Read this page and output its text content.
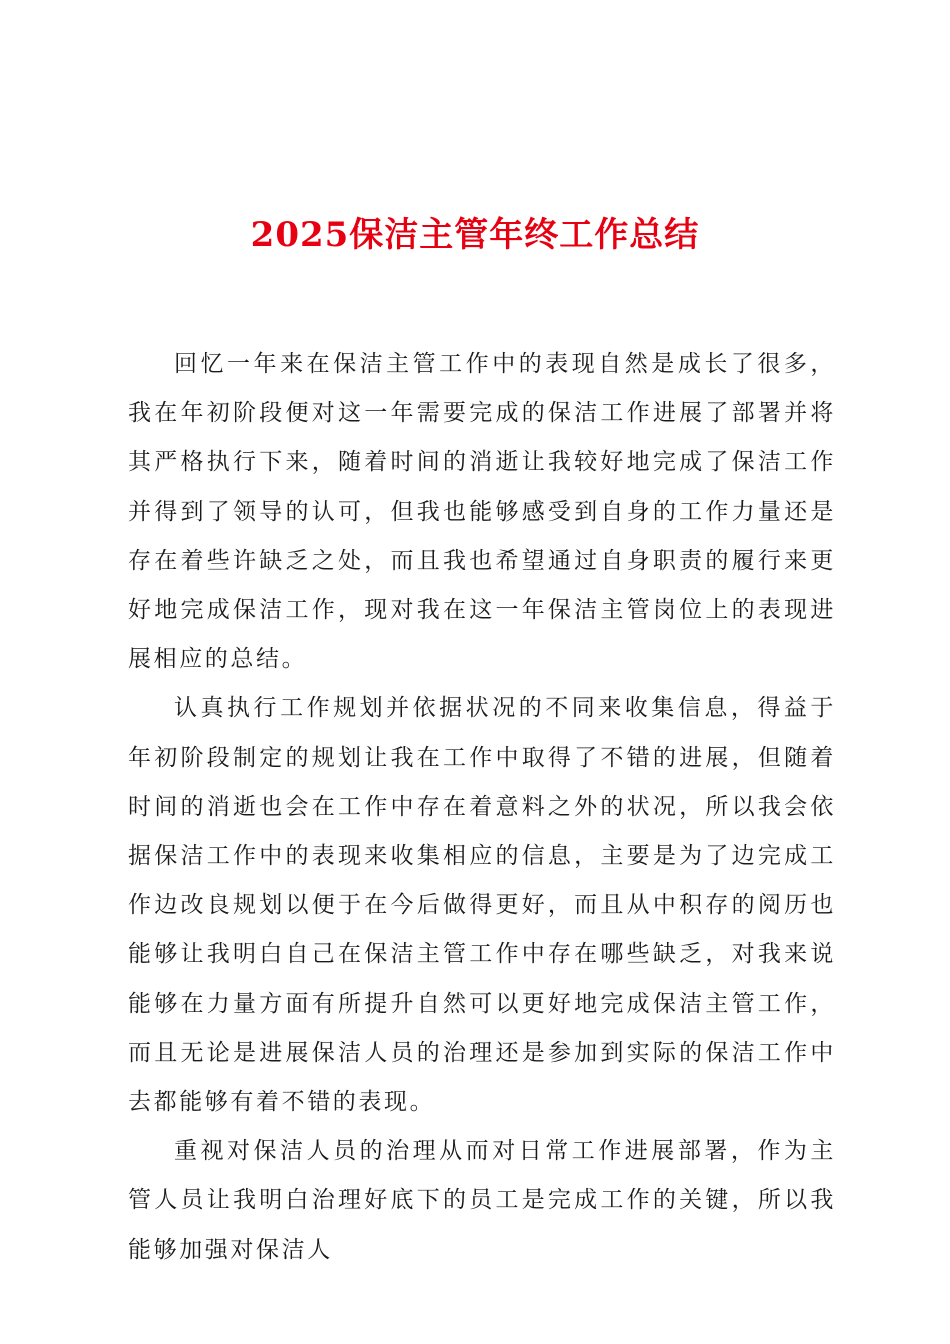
2025保洁主管年终工作总结

回忆一年来在保洁主管工作中的表现自然是成长了很多，我在年初阶段便对这一年需要完成的保洁工作进展了部署并将其严格执行下来，随着时间的消逝让我较好地完成了保洁工作并得到了领导的认可，但我也能够感受到自身的工作力量还是存在着些许缺乏之处，而且我也希望通过自身职责的履行来更好地完成保洁工作，现对我在这一年保洁主管岗位上的表现进展相应的总结。

认真执行工作规划并依据状况的不同来收集信息，得益于年初阶段制定的规划让我在工作中取得了不错的进展，但随着时间的消逝也会在工作中存在着意料之外的状况，所以我会依据保洁工作中的表现来收集相应的信息，主要是为了边完成工作边改良规划以便于在今后做得更好，而且从中积存的阅历也能够让我明白自己在保洁主管工作中存在哪些缺乏，对我来说能够在力量方面有所提升自然可以更好地完成保洁主管工作，而且无论是进展保洁人员的治理还是参加到实际的保洁工作中去都能够有着不错的表现。

重视对保洁人员的治理从而对日常工作进展部署，作为主管人员让我明白治理好底下的员工是完成工作的关键，所以我能够加强对保洁人
